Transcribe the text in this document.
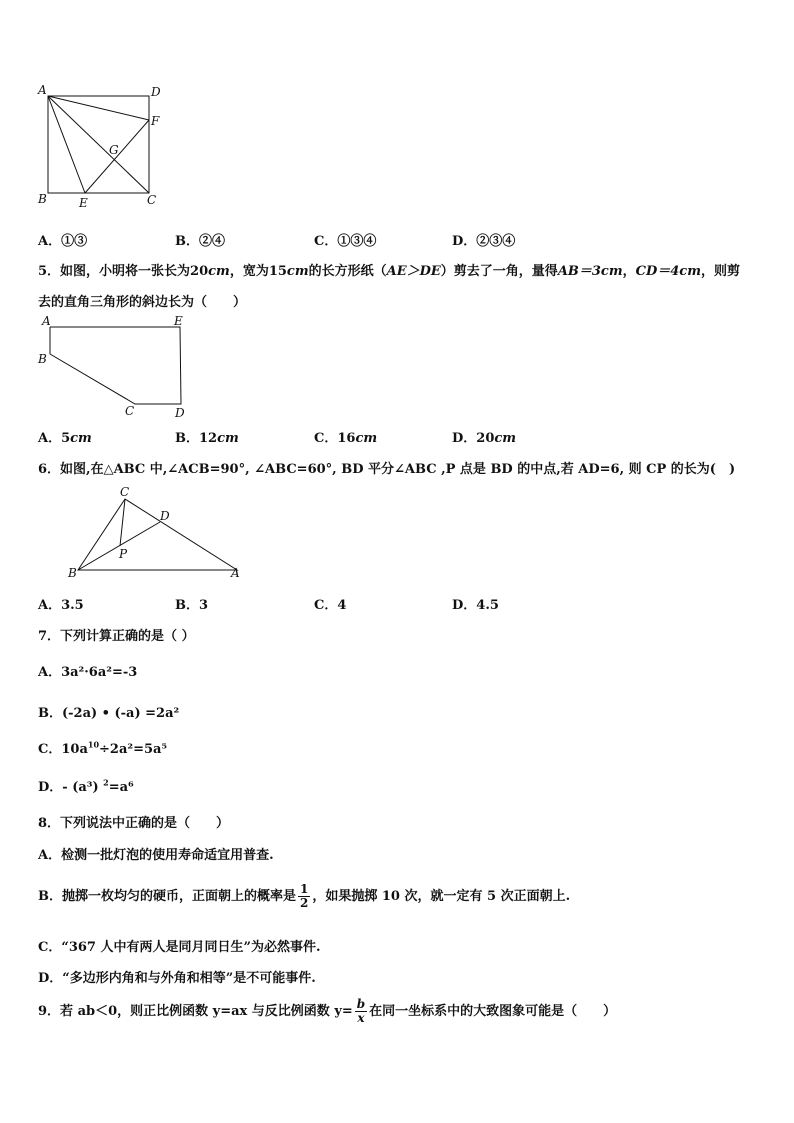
A	D
F
G
B	E	C
A．①③	B．②④	C．①③④	D．②③④
5．如图，小明将一张长为20cm，宽为15cm的长方形纸（AE＞DE）剪去了一角，量得AB＝3cm，CD＝4cm，则剪
去的直角三角形的斜边长为（　　）
A	E
B
C	D
A．5cm	B．12cm	C．16cm	D．20cm
6．如图,在△ABC 中,∠ACB=90°, ∠ABC=60°, BD 平分∠ABC ,P 点是 BD 的中点,若 AD=6, 则 CP 的长为(　)
C
D
P
B	A
A．3.5	B．3	C．4	D．4.5
7．下列计算正确的是（ ）
A．3a²·6a²=-3
B．(-2a) • (-a) =2a²
C．$10a^{10}\div 2a^2=5a^5$
D．- (a³) $^2$=a⁶
8．下列说法中正确的是（　　）
A．检测一批灯泡的使用寿命适宜用普查.
B．抛掷一枚均匀的硬币，正面朝上的概率是 $\frac{1}{2}$ ，如果抛掷 10 次，就一定有 5 次正面朝上.
C．“367 人中有两人是同月同日生”为必然事件.
D．“多边形内角和与外角和相等”是不可能事件.
9．若 ab＜0，则正比例函数 y=ax 与反比例函数 $y= \frac{b}{x}$ 在同一坐标系中的大致图象可能是（　　）
